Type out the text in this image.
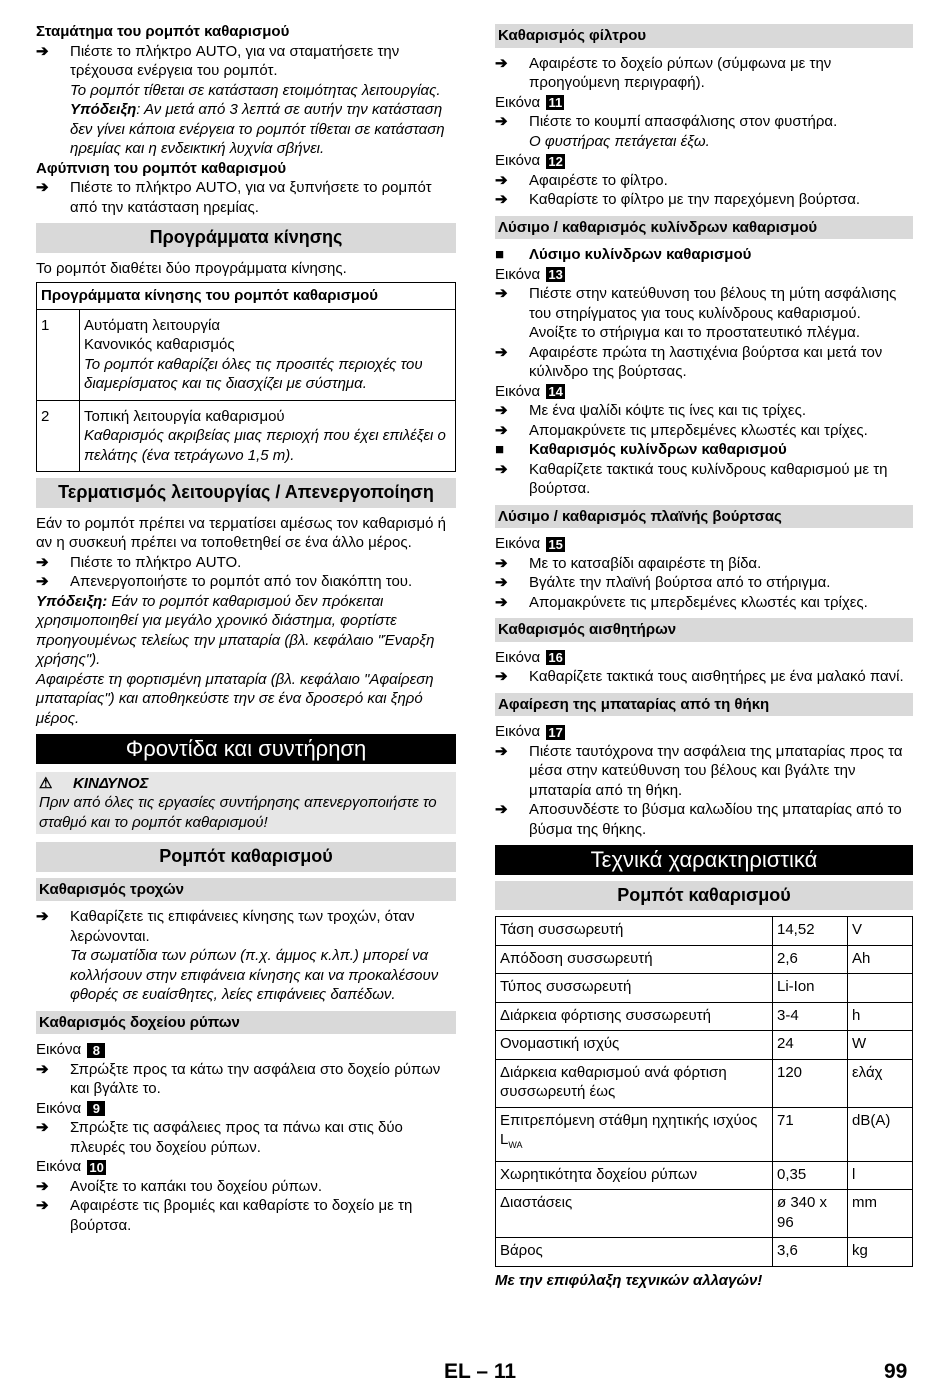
Σταμάτημα του ρομπότ καθαρισμού

➔	Πιέστε το πλήκτρο AUTO, για να σταματήσετε την τρέχουσα ενέργεια του ρομπότ.

Το ρομπότ τίθεται σε κατάσταση ετοιμότητας λειτουργίας.

Υπόδειξη: Αν μετά από 3 λεπτά σε αυτήν την κατάσταση δεν γίνει κάποια ενέργεια το ρομπότ τίθεται σε κατάσταση ηρεμίας και η ενδεικτική λυχνία σβήνει.

Αφύπνιση του ρομπότ καθαρισμού

➔	Πιέστε το πλήκτρο AUTO, για να ξυπνήσετε το ρομπότ από την κατάσταση ηρεμίας.
Προγράμματα κίνησης

Το ρομπότ διαθέτει δύο προγράμματα κίνησης.

Προγράμματα κίνησης του ρομπότ καθαρισμού	
1	Αυτόματη λειτουργία
Κανονικός καθαρισμός
Το ρομπότ καθαρίζει όλες τις προσιτές περιοχές του διαμερίσματος και τις διασχίζει με σύστημα.

2	Τοπική λειτουργία καθαρισμού
Καθαρισμός ακριβείας μιας περιοχή που έχει επιλέξει ο πελάτης (ένα τετράγωνο 1,5 m).
Τερματισμός λειτουργίας / Απενεργοποίηση

Εάν το ρομπότ πρέπει να τερματίσει αμέσως τον καθαρισμό ή αν η συσκευή πρέπει να τοποθετηθεί σε ένα άλλο μέρος.

➔	Πιέστε το πλήκτρο AUTO.
➔	Απενεργοποιήστε το ρομπότ από τον διακόπτη του.

Υπόδειξη: Εάν το ρομπότ καθαρισμού δεν πρόκειται χρησιμοποιηθεί για μεγάλο χρονικό διάστημα, φορτίστε προηγουμένως τελείως την μπαταρία (βλ. κεφάλαιο "Έναρξη χρήσης").

Αφαιρέστε τη φορτισμένη μπαταρία (βλ. κεφάλαιο "Αφαίρεση μπαταρίας") και αποθηκεύστε την σε ένα δροσερό και ξηρό μέρος.

Φροντίδα και συντήρηση
⚠ ΚΙΝΔΥΝΟΣ
Πριν από όλες τις εργασίες συντήρησης απενεργοποιήστε το σταθμό και το ρομπότ καθαρισμού!
Ρομπότ καθαρισμού
Καθαρισμός τροχών
➔	Καθαρίζετε τις επιφάνειες κίνησης των τροχών, όταν λερώνονται.

Τα σωματίδια των ρύπων (π.χ. άμμος κ.λπ.) μπορεί να κολλήσουν στην επιφάνεια κίνησης και να προκαλέσουν φθορές σε ευαίσθητες, λείες επιφάνειες δαπέδων.

Καθαρισμός δοχείου ρύπων

Εικόνα 8

➔	Σπρώξτε προς τα κάτω την ασφάλεια στο δοχείο ρύπων και βγάλτε το.

Εικόνα 9

➔	Σπρώξτε τις ασφάλειες προς τα πάνω και στις δύο πλευρές του δοχείου ρύπων.

Εικόνα 10

➔	Ανοίξτε το καπάκι του δοχείου ρύπων.
➔	Αφαιρέστε τις βρομιές και καθαρίστε το δοχείο με τη βούρτσα.
Καθαρισμός φίλτρου
➔	Αφαιρέστε το δοχείο ρύπων (σύμφωνα με την προηγούμενη περιγραφή).

Εικόνα 11

➔	Πιέστε το κουμπί απασφάλισης στον φυστήρα.

Ο φυστήρας πετάγεται έξω.

Εικόνα 12

➔	Αφαιρέστε το φίλτρο.
➔	Καθαρίστε το φίλτρο με την παρεχόμενη βούρτσα.
Λύσιμο / καθαρισμός κυλίνδρων καθαρισμού
■	Λύσιμο κυλίνδρων καθαρισμού

Εικόνα 13

➔	Πιέστε στην κατεύθυνση του βέλους τη μύτη ασφάλισης του στηρίγματος για τους κυλίνδρους καθαρισμού.

Ανοίξτε το στήριγμα και το προστατευτικό πλέγμα.

➔	Αφαιρέστε πρώτα τη λαστιχένια βούρτσα και μετά τον κύλινδρο της βούρτσας.

Εικόνα 14

➔	Με ένα ψαλίδι κόψτε τις ίνες και τις τρίχες.
➔	Απομακρύνετε τις μπερδεμένες κλωστές και τρίχες.
■	Καθαρισμός κυλίνδρων καθαρισμού
➔	Καθαρίζετε τακτικά τους κυλίνδρους καθαρισμού με τη βούρτσα.
Λύσιμο / καθαρισμός πλαϊνής βούρτσας

Εικόνα 15

➔	Με το κατσαβίδι αφαιρέστε τη βίδα.
➔	Βγάλτε την πλαϊνή βούρτσα από το στήριγμα.
➔	Απομακρύνετε τις μπερδεμένες κλωστές και τρίχες.
Καθαρισμός αισθητήρων

Εικόνα 16

➔	Καθαρίζετε τακτικά τους αισθητήρες με ένα μαλακό πανί.
Αφαίρεση της μπαταρίας από τη θήκη

Εικόνα 17

➔	Πιέστε ταυτόχρονα την ασφάλεια της μπαταρίας προς τα μέσα στην κατεύθυνση του βέλους και βγάλτε την μπαταρία από τη θήκη.
➔	Αποσυνδέστε το βύσμα καλωδίου της μπαταρίας από το βύσμα της θήκης.
Τεχνικά χαρακτηριστικά
Ρομπότ καθαρισμού
Τάση συσσωρευτή	14,52	V
Απόδοση συσσωρευτή	2,6	Ah
Τύπος συσσωρευτή	Li-Ion	
Διάρκεια φόρτισης συσσωρευτή	3-4	h
Ονομαστική ισχύς	24	W
Διάρκεια καθαρισμού ανά φόρτιση συσσωρευτή έως	120	ελάχ
Επιτρεπόμενη στάθμη ηχητικής ισχύος $L_{WA}$	71	dB(A)
Χωρητικότητα δοχείου ρύπων	0,35	l
Διαστάσεις	ø 340 x 96	mm
Βάρος	3,6	kg

Με την επιφύλαξη τεχνικών αλλαγών!

EL – 11	99
